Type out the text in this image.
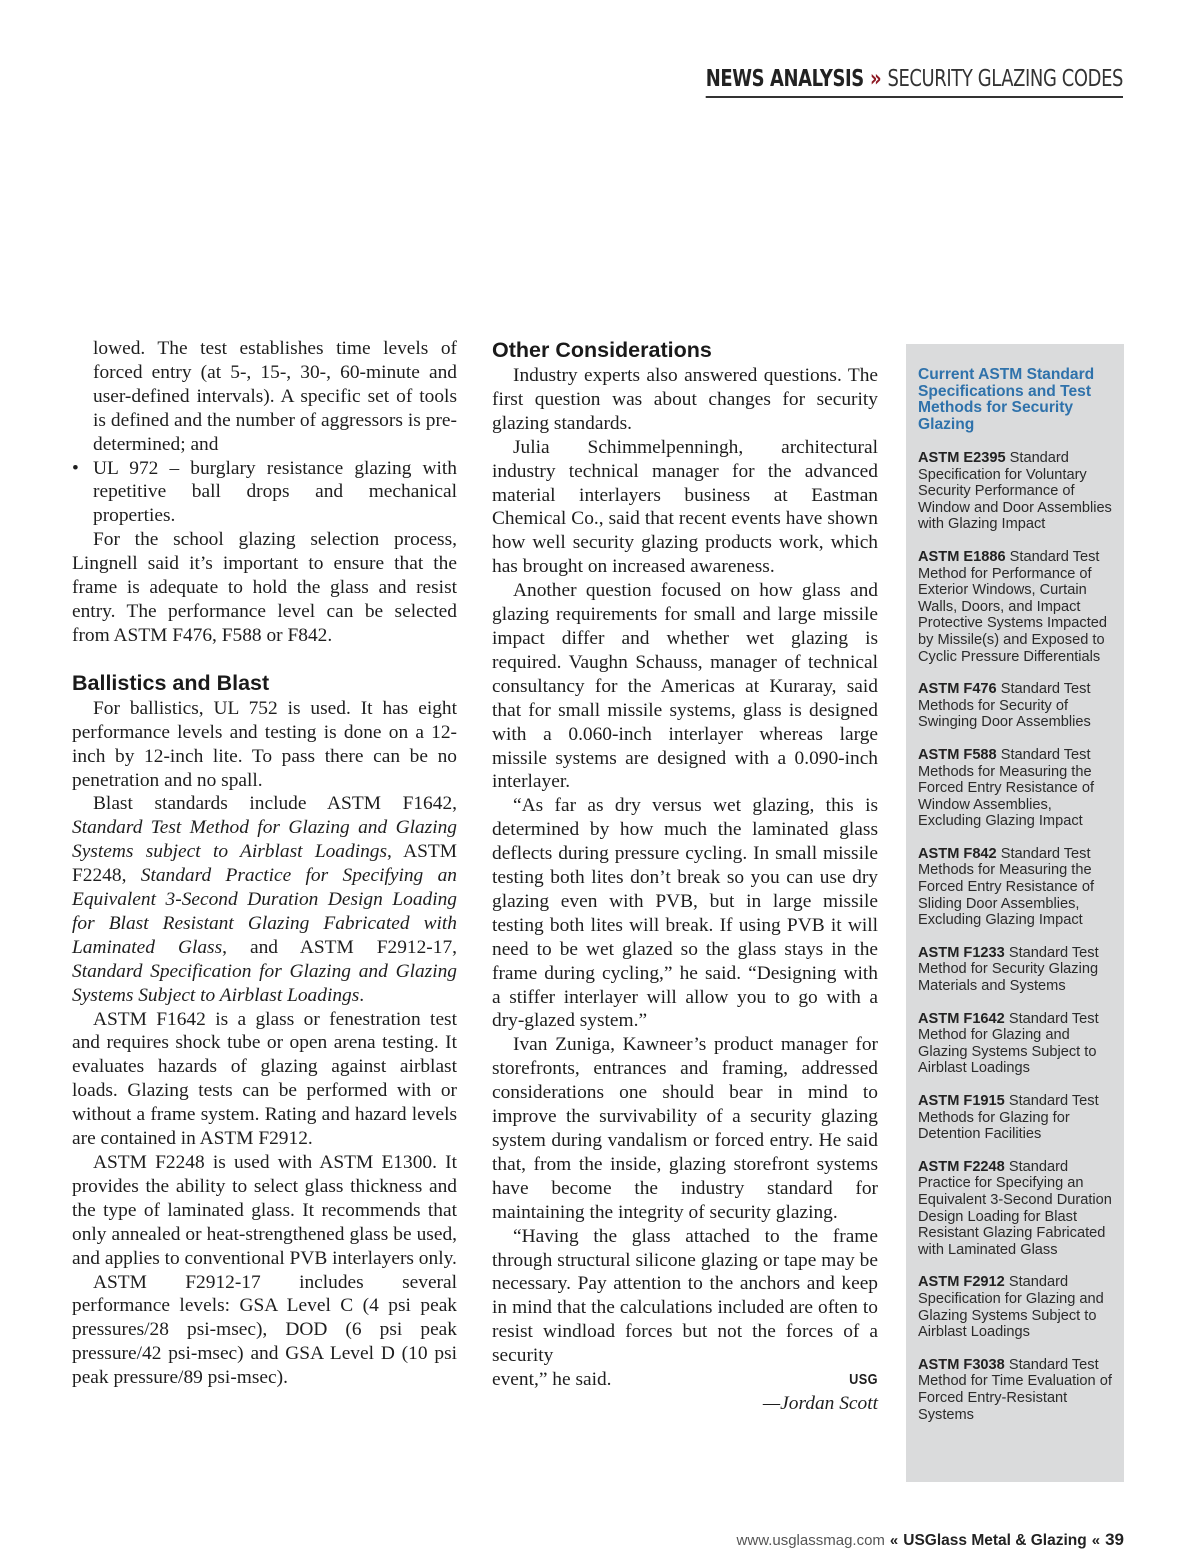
NEWS ANALYSIS » SECURITY GLAZING CODES

lowed. The test establishes time levels of forced entry (at 5-, 15-, 30-, 60-minute and user-defined intervals). A specific set of tools is defined and the number of aggressors is pre-determined; and

• UL 972 – burglary resistance glazing with repetitive ball drops and mechanical properties.

For the school glazing selection process, Lingnell said it’s important to ensure that the frame is adequate to hold the glass and resist entry. The performance level can be selected from ASTM F476, F588 or F842.

Ballistics and Blast

For ballistics, UL 752 is used. It has eight performance levels and testing is done on a 12-inch by 12-inch lite. To pass there can be no penetration and no spall.

Blast standards include ASTM F1642, Standard Test Method for Glazing and Glazing Systems subject to Airblast Loadings, ASTM F2248, Standard Practice for Specifying an Equivalent 3-Second Duration Design Loading for Blast Resistant Glazing Fabricated with Laminated Glass, and ASTM F2912-17, Standard Specification for Glazing and Glazing Systems Subject to Airblast Loadings.

ASTM F1642 is a glass or fenestration test and requires shock tube or open arena testing. It evaluates hazards of glazing against airblast loads. Glazing tests can be performed with or without a frame system. Rating and hazard levels are contained in ASTM F2912.

ASTM F2248 is used with ASTM E1300. It provides the ability to select glass thickness and the type of laminated glass. It recommends that only annealed or heat-strengthened glass be used, and applies to conventional PVB interlayers only.

ASTM F2912-17 includes several performance levels: GSA Level C (4 psi peak pressures/28 psi-msec), DOD (6 psi peak pressure/42 psi-msec) and GSA Level D (10 psi peak pressure/89 psi-msec).

Other Considerations

Industry experts also answered questions. The first question was about changes for security glazing standards.

Julia Schimmelpenningh, architectural industry technical manager for the advanced material interlayers business at Eastman Chemical Co., said that recent events have shown how well security glazing products work, which has brought on increased awareness.

Another question focused on how glass and glazing requirements for small and large missile impact differ and whether wet glazing is required. Vaughn Schauss, manager of technical consultancy for the Americas at Kuraray, said that for small missile systems, glass is designed with a 0.060-inch interlayer whereas large missile systems are designed with a 0.090-inch interlayer.

“As far as dry versus wet glazing, this is determined by how much the laminated glass deflects during pressure cycling. In small missile testing both lites don’t break so you can use dry glazing even with PVB, but in large missile testing both lites will break. If using PVB it will need to be wet glazed so the glass stays in the frame during cycling,” he said. “Designing with a stiffer interlayer will allow you to go with a dry-glazed system.”

Ivan Zuniga, Kawneer’s product manager for storefronts, entrances and framing, addressed considerations one should bear in mind to improve the survivability of a security glazing system during vandalism or forced entry. He said that, from the inside, glazing storefront systems have become the industry standard for maintaining the integrity of security glazing.

“Having the glass attached to the frame through structural silicone glazing or tape may be necessary. Pay attention to the anchors and keep in mind that the calculations included are often to resist windload forces but not the forces of a security

event,” he said.	USG
—Jordan Scott
Current ASTM Standard Specifications and Test Methods for Security Glazing
ASTM E2395 Standard Specification for Voluntary Security Performance of Window and Door Assemblies with Glazing Impact
ASTM E1886 Standard Test Method for Performance of Exterior Windows, Curtain Walls, Doors, and Impact Protective Systems Impacted by Missile(s) and Exposed to Cyclic Pressure Differentials
ASTM F476 Standard Test Methods for Security of Swinging Door Assemblies
ASTM F588 Standard Test Methods for Measuring the Forced Entry Resistance of Window Assemblies, Excluding Glazing Impact
ASTM F842 Standard Test Methods for Measuring the Forced Entry Resistance of Sliding Door Assemblies, Excluding Glazing Impact
ASTM F1233 Standard Test Method for Security Glazing Materials and Systems
ASTM F1642 Standard Test Method for Glazing and Glazing Systems Subject to Airblast Loadings
ASTM F1915 Standard Test Methods for Glazing for Detention Facilities
ASTM F2248 Standard Practice for Specifying an Equivalent 3-Second Duration Design Loading for Blast Resistant Glazing Fabricated with Laminated Glass
ASTM F2912 Standard Specification for Glazing and Glazing Systems Subject to Airblast Loadings
ASTM F3038 Standard Test Method for Time Evaluation of Forced Entry-Resistant Systems
www.usglassmag.com « USGlass Metal & Glazing « 39
